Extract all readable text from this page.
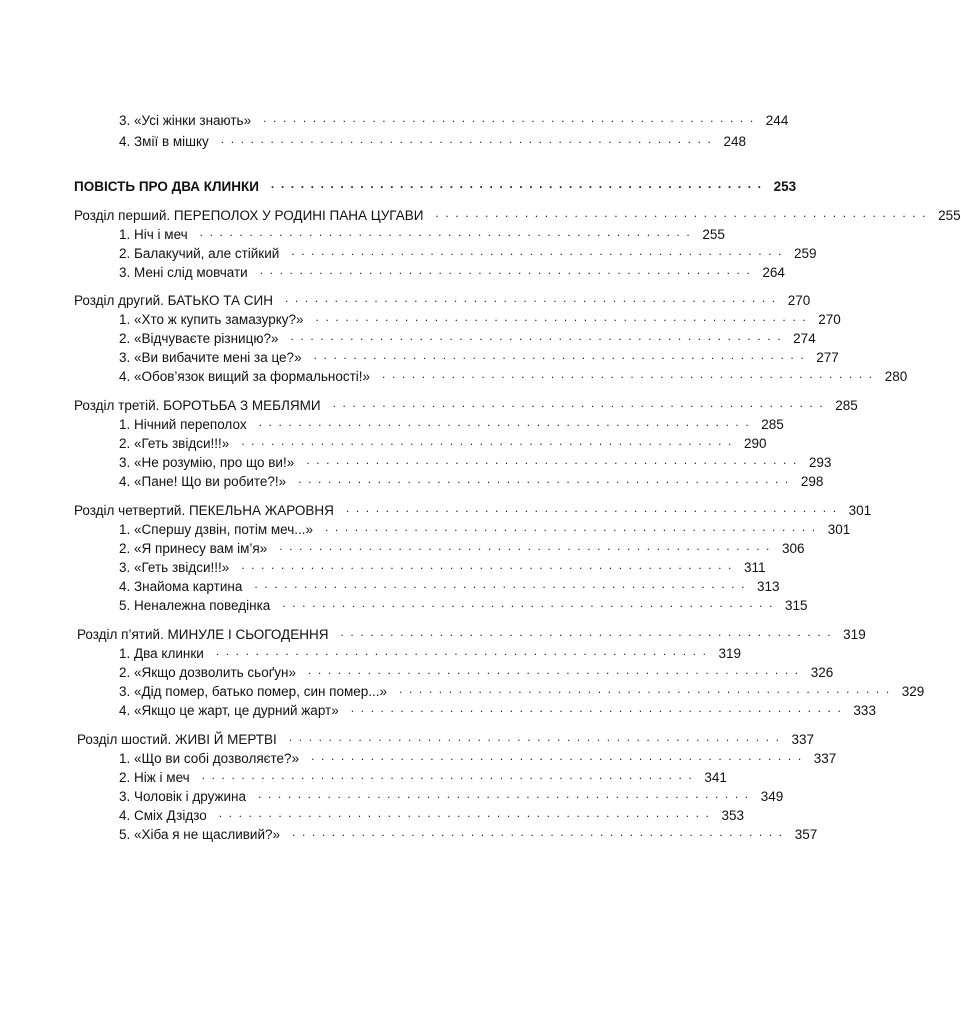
3. «Усі жінки знають» .................................................. 244
4. Змії в мішку .................................................. 248
ПОВІСТЬ ПРО ДВА КЛИНКИ .................................................. 253
Розділ перший. ПЕРЕПОЛОХ У РОДИНІ ПАНА ЦУГАВИ .................................................. 255
1. Ніч і меч .................................................. 255
2. Балакучий, але стійкий .................................................. 259
3. Мені слід мовчати .................................................. 264
Розділ другий. БАТЬКО ТА СИН .................................................. 270
1. «Хто ж купить замазурку?» .................................................. 270
2. «Відчуваєте різницю?» .................................................. 274
3. «Ви вибачите мені за це?» .................................................. 277
4. «Обов’язок вищий за формальності!» .................................................. 280
Розділ третій. БОРОТЬБА З МЕБЛЯМИ .................................................. 285
1. Нічний переполох .................................................. 285
2. «Геть звідси!!!» .................................................. 290
3. «Не розумію, про що ви!» .................................................. 293
4. «Пане! Що ви робите?!» .................................................. 298
Розділ четвертий. ПЕКЕЛЬНА ЖАРОВНЯ .................................................. 301
1. «Спершу дзвін, потім меч...» .................................................. 301
2. «Я принесу вам ім’я» .................................................. 306
3. «Геть звідси!!!» .................................................. 311
4. Знайома картина .................................................. 313
5. Неналежна поведінка .................................................. 315
Розділ п’ятий. МИНУЛЕ І СЬОГОДЕННЯ .................................................. 319
1. Два клинки .................................................. 319
2. «Якщо дозволить сьоґун» .................................................. 326
3. «Дід помер, батько помер, син помер...» .................................................. 329
4. «Якщо це жарт, це дурний жарт» .................................................. 333
Розділ шостий. ЖИВІ Й МЕРТВІ .................................................. 337
1. «Що ви собі дозволяєте?» .................................................. 337
2. Ніж і меч .................................................. 341
3. Чоловік і дружина .................................................. 349
4. Сміх Дзідзо .................................................. 353
5. «Хіба я не щасливий?» .................................................. 357
